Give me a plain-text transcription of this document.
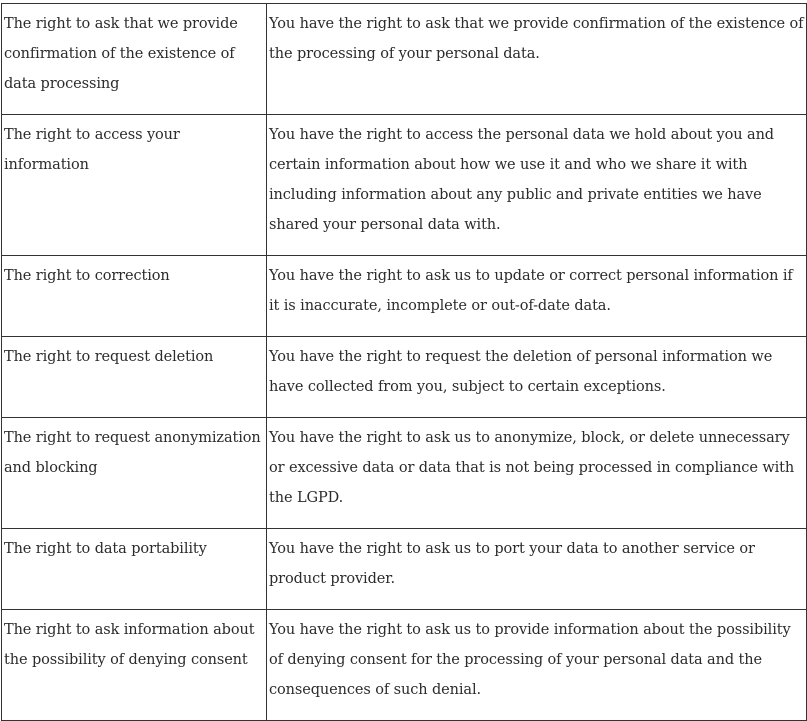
The right to ask that we provide confirmation of the existence of data processing	You have the right to ask that we provide confirmation of the existence of the processing of your personal data.
The right to access your information	You have the right to access the personal data we hold about you and certain information about how we use it and who we share it with including information about any public and private entities we have shared your personal data with.
The right to correction	You have the right to ask us to update or correct personal information if it is inaccurate, incomplete or out-of-date data.
The right to request deletion	You have the right to request the deletion of personal information we have collected from you, subject to certain exceptions.
The right to request anonymization and blocking	You have the right to ask us to anonymize, block, or delete unnecessary or excessive data or data that is not being processed in compliance with the LGPD.
The right to data portability	You have the right to ask us to port your data to another service or product provider.
The right to ask information about the possibility of denying consent	You have the right to ask us to provide information about the possibility of denying consent for the processing of your personal data and the consequences of such denial.
